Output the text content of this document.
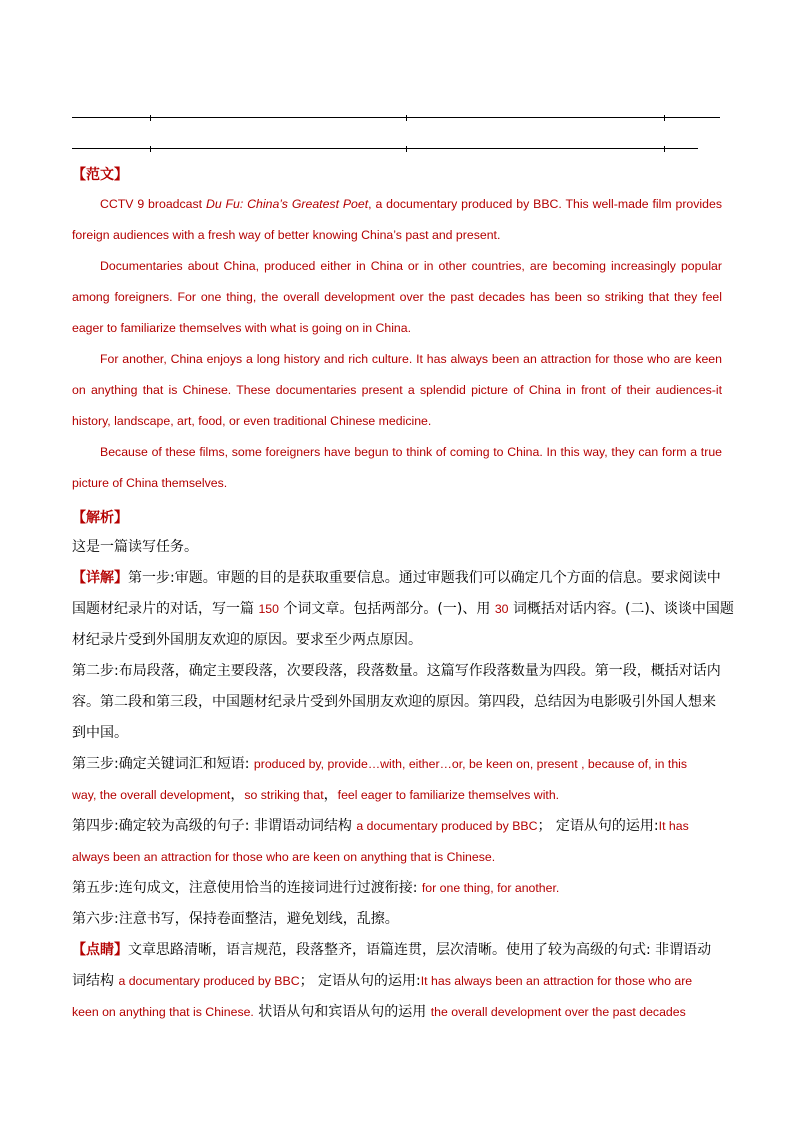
【范文】
CCTV 9 broadcast Du Fu: China’s Greatest Poet, a documentary produced by BBC. This well-made film provides foreign audiences with a fresh way of better knowing China’s past and present.
Documentaries about China, produced either in China or in other countries, are becoming increasingly popular among foreigners. For one thing, the overall development over the past decades has been so striking that they feel eager to familiarize themselves with what is going on in China.
For another, China enjoys a long history and rich culture. It has always been an attraction for those who are keen on anything that is Chinese. These documentaries present a splendid picture of China in front of their audiences-it history, landscape, art, food, or even traditional Chinese medicine.
Because of these films, some foreigners have begun to think of coming to China. In this way, they can form a true picture of China themselves.
【解析】
这是一篇读写任务。
【详解】第一步:审题。审题的目的是获取重要信息。通过审题我们可以确定几个方面的信息。要求阅读中
国题材纪录片的对话，写一篇 150 个词文章。包括两部分。(一)、用 30 词概括对话内容。(二)、谈谈中国题
材纪录片受到外国朋友欢迎的原因。要求至少两点原因。
第二步:布局段落，确定主要段落，次要段落，段落数量。这篇写作段落数量为四段。第一段，概括对话内
容。第二段和第三段，中国题材纪录片受到外国朋友欢迎的原因。第四段，总结因为电影吸引外国人想来
到中国。
第三步:确定关键词汇和短语: produced by, provide…with, either…or, be keen on, present , because of, in this
way, the overall development，so striking that，feel eager to familiarize themselves with.
第四步:确定较为高级的句子: 非谓语动词结构 a documentary produced by BBC； 定语从句的运用:It has
always been an attraction for those who are keen on anything that is Chinese.
第五步:连句成文，注意使用恰当的连接词进行过渡衔接: for one thing, for another.
第六步:注意书写，保持卷面整洁，避免划线，乱擦。
【点睛】文章思路清晰，语言规范，段落整齐，语篇连贯，层次清晰。使用了较为高级的句式: 非谓语动
词结构 a documentary produced by BBC； 定语从句的运用:It has always been an attraction for those who are
keen on anything that is Chinese. 状语从句和宾语从句的运用 the overall development over the past decades
